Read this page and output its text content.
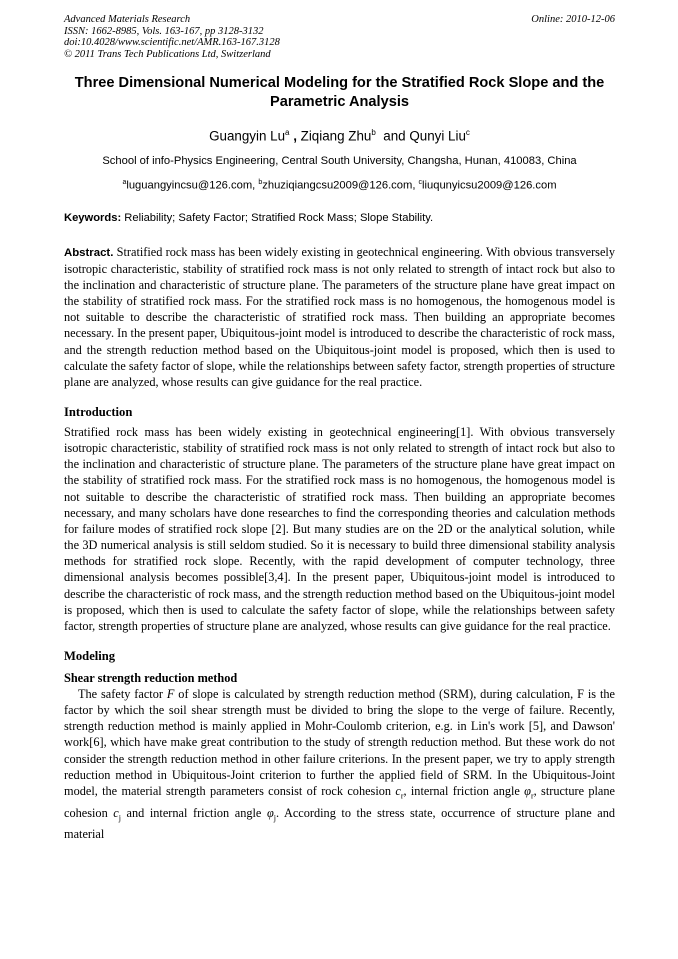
Advanced Materials Research
ISSN: 1662-8985, Vols. 163-167, pp 3128-3132
doi:10.4028/www.scientific.net/AMR.163-167.3128
© 2011 Trans Tech Publications Ltd, Switzerland
Online: 2010-12-06
Three Dimensional Numerical Modeling for the Stratified Rock Slope and the Parametric Analysis
Guangyin Lu$^a$ , Ziqiang Zhu$^b$  and Qunyi Liu$^c$
School of info-Physics Engineering, Central South University, Changsha, Hunan, 410083, China
$^a$luguangyincsu@126.com, $^b$zhuziqiangcsu2009@126.com, $^c$liuqunyicsu2009@126.com
Keywords: Reliability; Safety Factor; Stratified Rock Mass; Slope Stability.
Abstract. Stratified rock mass has been widely existing in geotechnical engineering. With obvious transversely isotropic characteristic, stability of stratified rock mass is not only related to strength of intact rock but also to the inclination and characteristic of structure plane. The parameters of the structure plane have great impact on the stability of stratified rock mass. For the stratified rock mass is no homogenous, the homogenous model is not suitable to describe the characteristic of stratified rock mass. Then building an appropriate becomes necessary. In the present paper, Ubiquitous-joint model is introduced to describe the characteristic of rock mass, and the strength reduction method based on the Ubiquitous-joint model is proposed, which then is used to calculate the safety factor of slope, while the relationships between safety factor, strength properties of structure plane are analyzed, whose results can give guidance for the real practice.
Introduction
Stratified rock mass has been widely existing in geotechnical engineering[1]. With obvious transversely isotropic characteristic, stability of stratified rock mass is not only related to strength of intact rock but also to the inclination and characteristic of structure plane. The parameters of the structure plane have great impact on the stability of stratified rock mass. For the stratified rock mass is no homogenous, the homogenous model is not suitable to describe the characteristic of stratified rock mass. Then building an appropriate becomes necessary, and many scholars have done researches to find the corresponding theories and calculation methods for failure modes of stratified rock slope [2]. But many studies are on the 2D or the analytical solution, while the 3D numerical analysis is still seldom studied. So it is necessary to build three dimensional stability analysis methods for stratified rock slope. Recently, with the rapid development of computer technology, three dimensional analysis becomes possible[3,4]. In the present paper, Ubiquitous-joint model is introduced to describe the characteristic of rock mass, and the strength reduction method based on the Ubiquitous-joint model is proposed, which then is used to calculate the safety factor of slope, while the relationships between safety factor, strength properties of structure plane are analyzed, whose results can give guidance for the real practice.
Modeling
Shear strength reduction method
The safety factor F of slope is calculated by strength reduction method (SRM), during calculation, F is the factor by which the soil shear strength must be divided to bring the slope to the verge of failure. Recently, strength reduction method is mainly applied in Mohr-Coulomb criterion, e.g. in Lin's work [5], and Dawson' work[6], which have make great contribution to the study of strength reduction method. But these work do not consider the strength reduction method in other failure criterions. In the present paper, we try to apply strength reduction method in Ubiquitous-Joint criterion to further the applied field of SRM. In the Ubiquitous-Joint model, the material strength parameters consist of rock cohesion $c_r$, internal friction angle $\varphi_r$, structure plane cohesion $c_j$ and internal friction angle $\varphi_j$. According to the stress state, occurrence of structure plane and material
